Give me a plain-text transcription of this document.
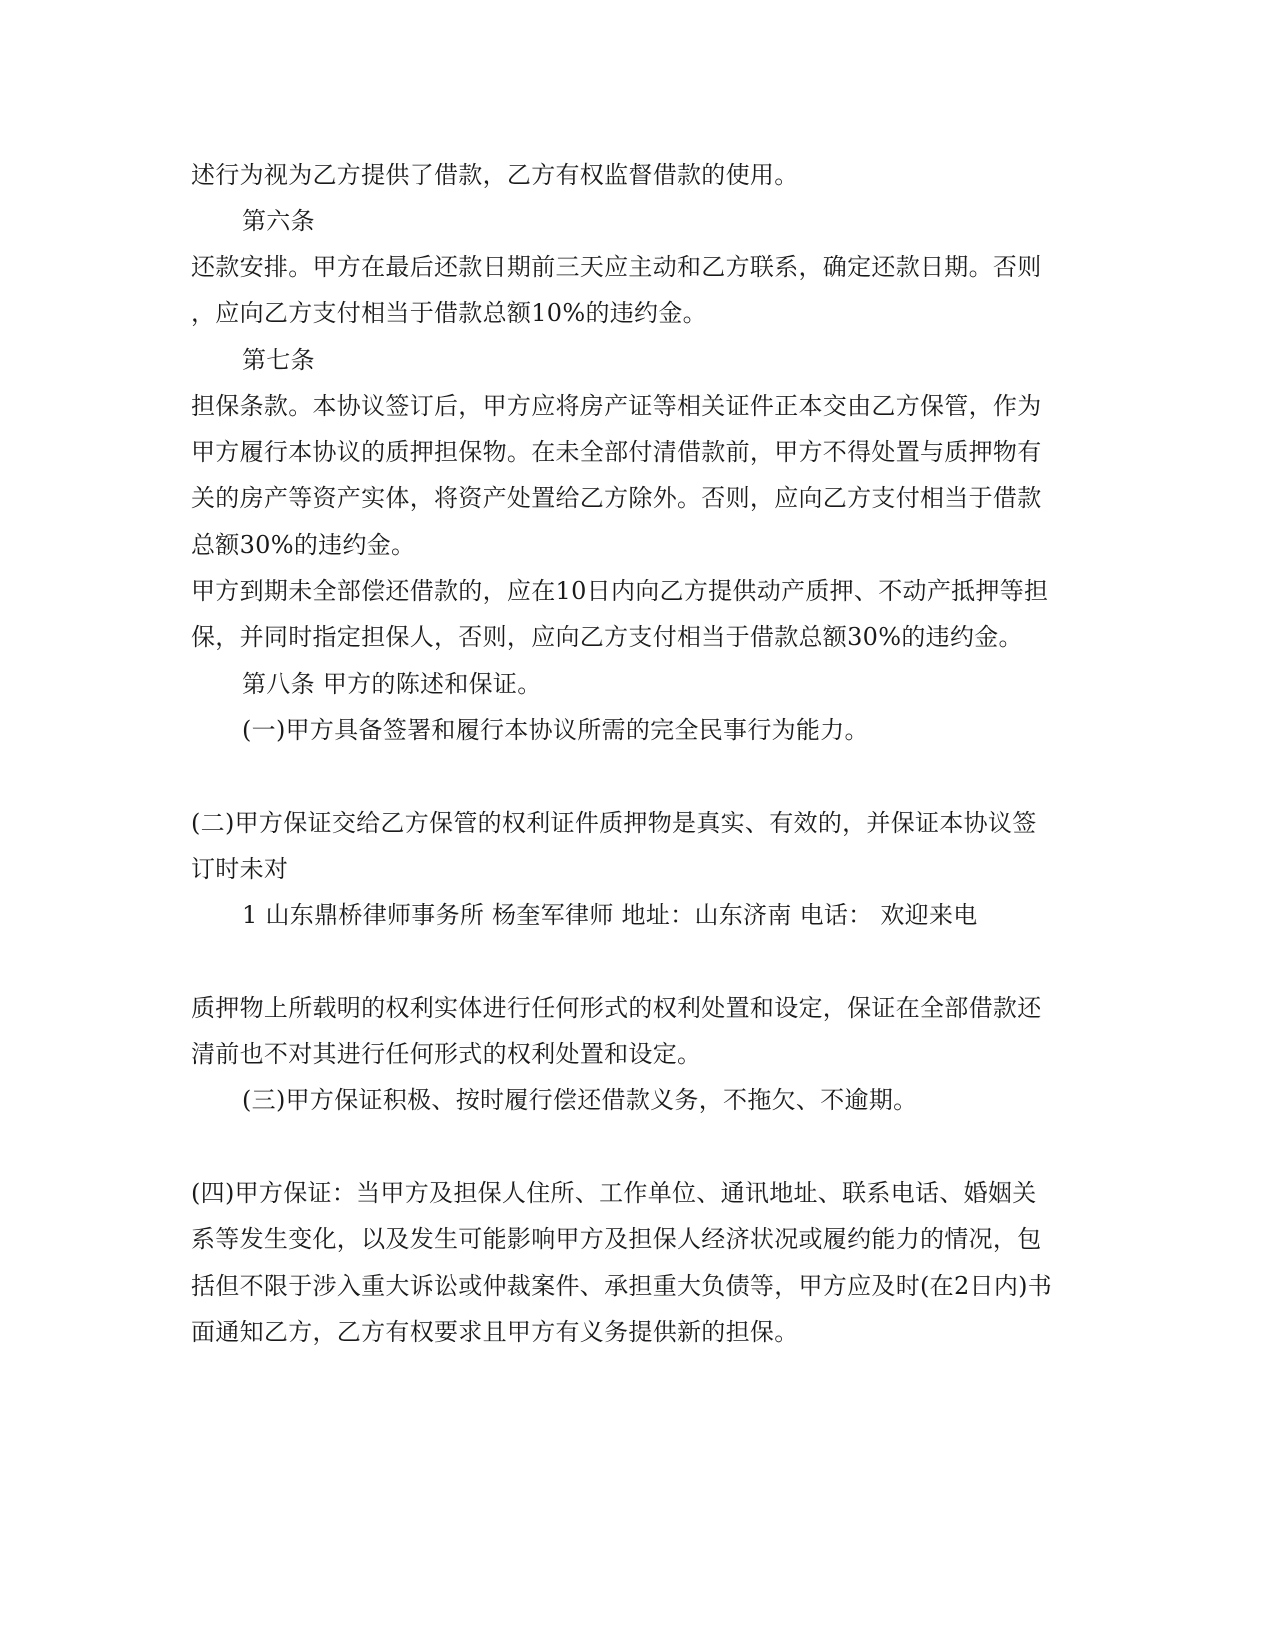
述行为视为乙方提供了借款，乙方有权监督借款的使用。
第六条
还款安排。甲方在最后还款日期前三天应主动和乙方联系，确定还款日期。否则
，应向乙方支付相当于借款总额10%的违约金。
第七条
担保条款。本协议签订后，甲方应将房产证等相关证件正本交由乙方保管，作为
甲方履行本协议的质押担保物。在未全部付清借款前，甲方不得处置与质押物有
关的房产等资产实体，将资产处置给乙方除外。否则，应向乙方支付相当于借款
总额30%的违约金。
甲方到期未全部偿还借款的，应在10日内向乙方提供动产质押、不动产抵押等担
保，并同时指定担保人，否则，应向乙方支付相当于借款总额30%的违约金。
第八条 甲方的陈述和保证。
(一)甲方具备签署和履行本协议所需的完全民事行为能力。
(二)甲方保证交给乙方保管的权利证件质押物是真实、有效的，并保证本协议签
订时未对
1 山东鼎桥律师事务所 杨奎军律师 地址：山东济南 电话： 欢迎来电
质押物上所载明的权利实体进行任何形式的权利处置和设定，保证在全部借款还
清前也不对其进行任何形式的权利处置和设定。
(三)甲方保证积极、按时履行偿还借款义务，不拖欠、不逾期。
(四)甲方保证：当甲方及担保人住所、工作单位、通讯地址、联系电话、婚姻关
系等发生变化，以及发生可能影响甲方及担保人经济状况或履约能力的情况，包
括但不限于涉入重大诉讼或仲裁案件、承担重大负债等，甲方应及时(在2日内)书
面通知乙方，乙方有权要求且甲方有义务提供新的担保。
